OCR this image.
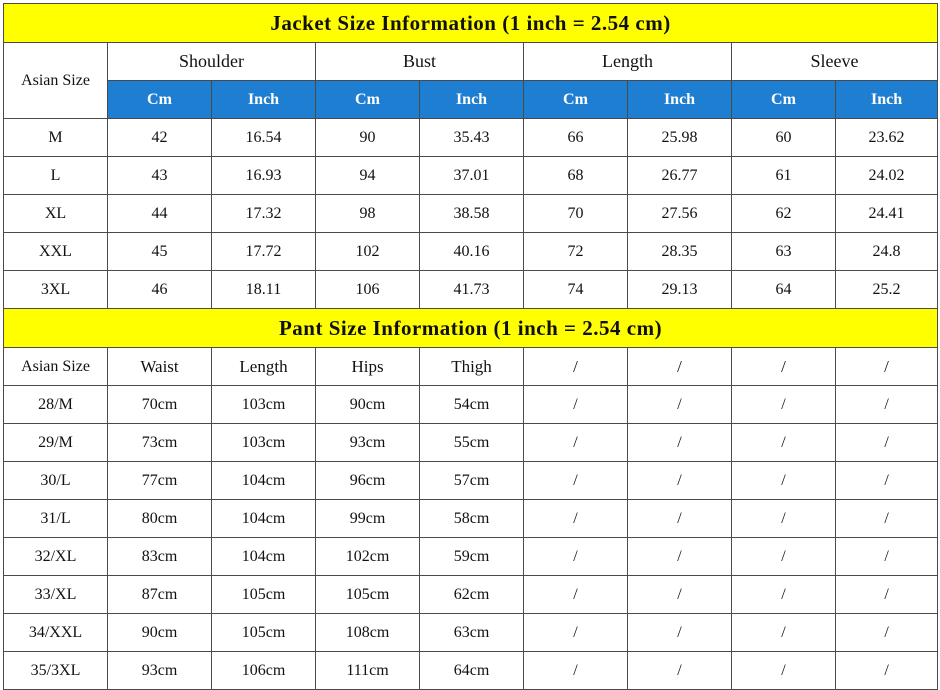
Jacket Size Information (1 inch = 2.54 cm)								
Asian Size	Shoulder		Bust		Length		Sleeve	
	Cm	Inch	Cm	Inch	Cm	Inch	Cm	Inch
M	42	16.54	90	35.43	66	25.98	60	23.62
L	43	16.93	94	37.01	68	26.77	61	24.02
XL	44	17.32	98	38.58	70	27.56	62	24.41
XXL	45	17.72	102	40.16	72	28.35	63	24.8
3XL	46	18.11	106	41.73	74	29.13	64	25.2
Pant Size Information (1 inch = 2.54 cm)								
Asian Size	Waist	Length	Hips	Thigh	/	/	/	/
28/M	70cm	103cm	90cm	54cm	/	/	/	/
29/M	73cm	103cm	93cm	55cm	/	/	/	/
30/L	77cm	104cm	96cm	57cm	/	/	/	/
31/L	80cm	104cm	99cm	58cm	/	/	/	/
32/XL	83cm	104cm	102cm	59cm	/	/	/	/
33/XL	87cm	105cm	105cm	62cm	/	/	/	/
34/XXL	90cm	105cm	108cm	63cm	/	/	/	/
35/3XL	93cm	106cm	111cm	64cm	/	/	/	/
